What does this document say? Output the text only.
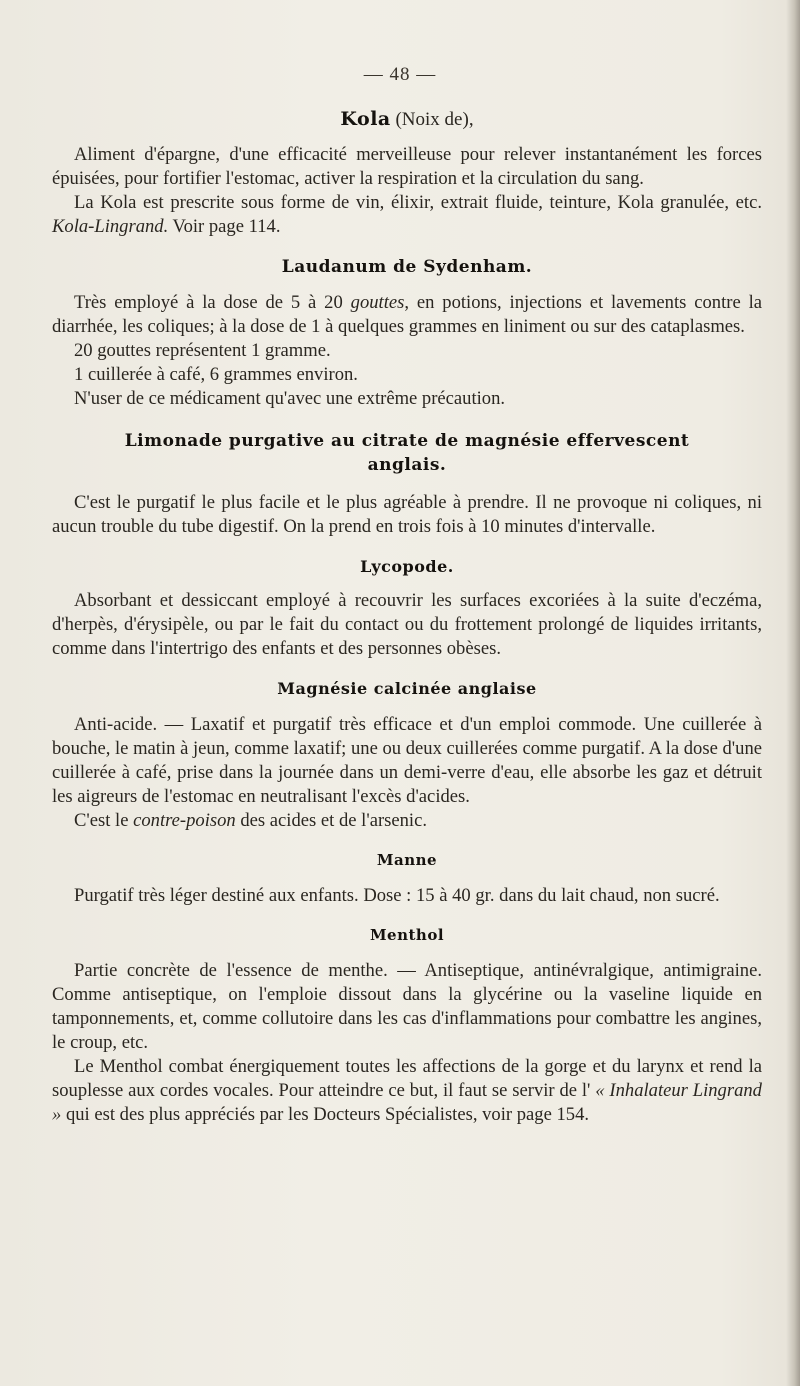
— 48 —
Kola (Noix de),

Aliment d'épargne, d'une efficacité merveilleuse pour relever instantanément les forces épuisées, pour fortifier l'estomac, activer la respiration et la circulation du sang.

La Kola est prescrite sous forme de vin, élixir, extrait fluide, teinture, Kola granulée, etc. Kola-Lingrand. Voir page 114.

Laudanum de Sydenham.

Très employé à la dose de 5 à 20 gouttes, en potions, injections et lavements contre la diarrhée, les coliques; à la dose de 1 à quelques grammes en liniment ou sur des cataplasmes.

20 gouttes représentent 1 gramme.

1 cuillerée à café, 6 grammes environ.

N'user de ce médicament qu'avec une extrême précaution.

Limonade purgative au citrate de magnésie effervescent
anglais.

C'est le purgatif le plus facile et le plus agréable à prendre. Il ne provoque ni coliques, ni aucun trouble du tube digestif. On la prend en trois fois à 10 minutes d'intervalle.

Lycopode.

Absorbant et dessiccant employé à recouvrir les surfaces excoriées à la suite d'eczéma, d'herpès, d'érysipèle, ou par le fait du contact ou du frottement prolongé de liquides irritants, comme dans l'intertrigo des enfants et des personnes obèses.

Magnésie calcinée anglaise

Anti-acide. — Laxatif et purgatif très efficace et d'un emploi commode. Une cuillerée à bouche, le matin à jeun, comme laxatif; une ou deux cuillerées comme purgatif. A la dose d'une cuillerée à café, prise dans la journée dans un demi-verre d'eau, elle absorbe les gaz et détruit les aigreurs de l'estomac en neutralisant l'excès d'acides.

C'est le contre-poison des acides et de l'arsenic.

Manne

Purgatif très léger destiné aux enfants. Dose : 15 à 40 gr. dans du lait chaud, non sucré.

Menthol

Partie concrète de l'essence de menthe. — Antiseptique, antinévralgique, antimigraine. Comme antiseptique, on l'emploie dissout dans la glycérine ou la vaseline liquide en tamponnements, et, comme collutoire dans les cas d'inflammations pour combattre les angines, le croup, etc.

Le Menthol combat énergiquement toutes les affections de la gorge et du larynx et rend la souplesse aux cordes vocales. Pour atteindre ce but, il faut se servir de l' « Inhalateur Lingrand » qui est des plus appréciés par les Docteurs Spécialistes, voir page 154.
